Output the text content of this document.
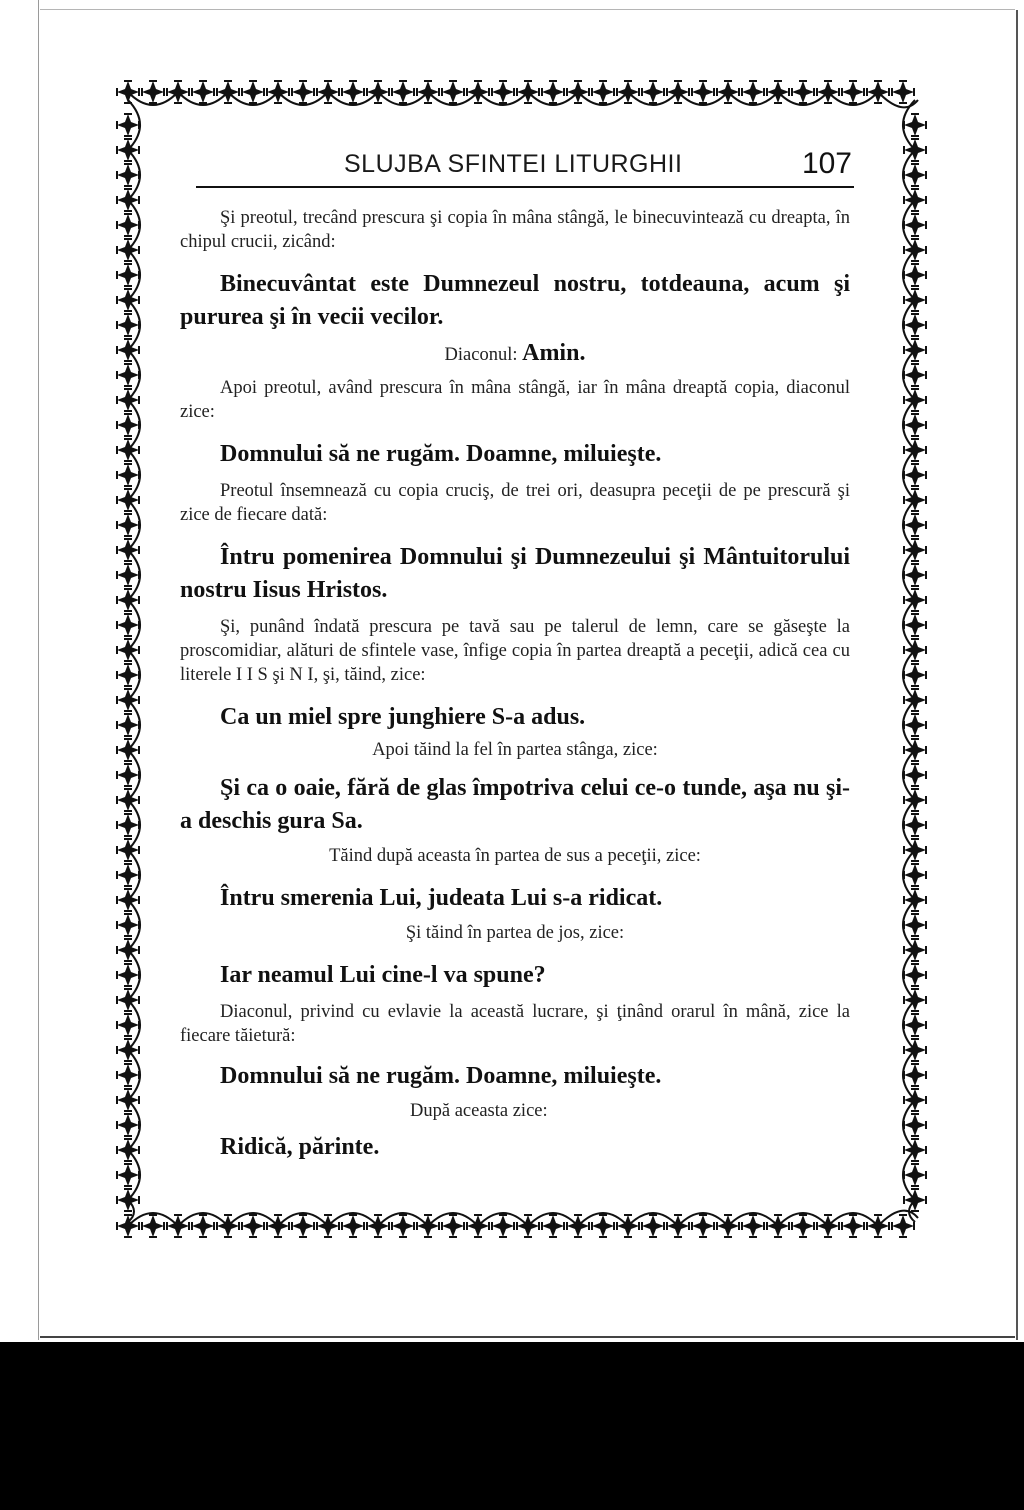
SLUJBA SFINTEI LITURGHII	107

Şi preotul, trecând prescura şi copia în mâna stângă, le binecuvintează cu dreapta, în chipul crucii, zicând:

Binecuvântat este Dumnezeul nostru, totdeauna, acum şi pururea şi în vecii vecilor.

Diaconul: Amin.

Apoi preotul, având prescura în mâna stângă, iar în mâna dreaptă copia, diaconul zice:

Domnului să ne rugăm. Doamne, miluieşte.

Preotul însemnează cu copia cruciş, de trei ori, deasupra peceţii de pe prescură şi zice de fiecare dată:

Întru pomenirea Domnului şi Dumnezeului şi Mântuitorului nostru Iisus Hristos.

Şi, punând îndată prescura pe tavă sau pe talerul de lemn, care se găseşte la proscomidiar, alături de sfintele vase, înfige copia în partea dreaptă a peceţii, adică cea cu literele I I S şi N I, şi, tăind, zice:

Ca un miel spre junghiere S-a adus.

Apoi tăind la fel în partea stânga, zice:

Şi ca o oaie, fără de glas împotriva celui ce-o tunde, aşa nu şi-a deschis gura Sa.

Tăind după aceasta în partea de sus a peceţii, zice:

Întru smerenia Lui, judeata Lui s-a ridicat.

Şi tăind în partea de jos, zice:

Iar neamul Lui cine-l va spune?

Diaconul, privind cu evlavie la această lucrare, şi ţinând orarul în mână, zice la fiecare tăietură:

Domnului să ne rugăm. Doamne, miluieşte.

După aceasta zice:

Ridică, părinte.
